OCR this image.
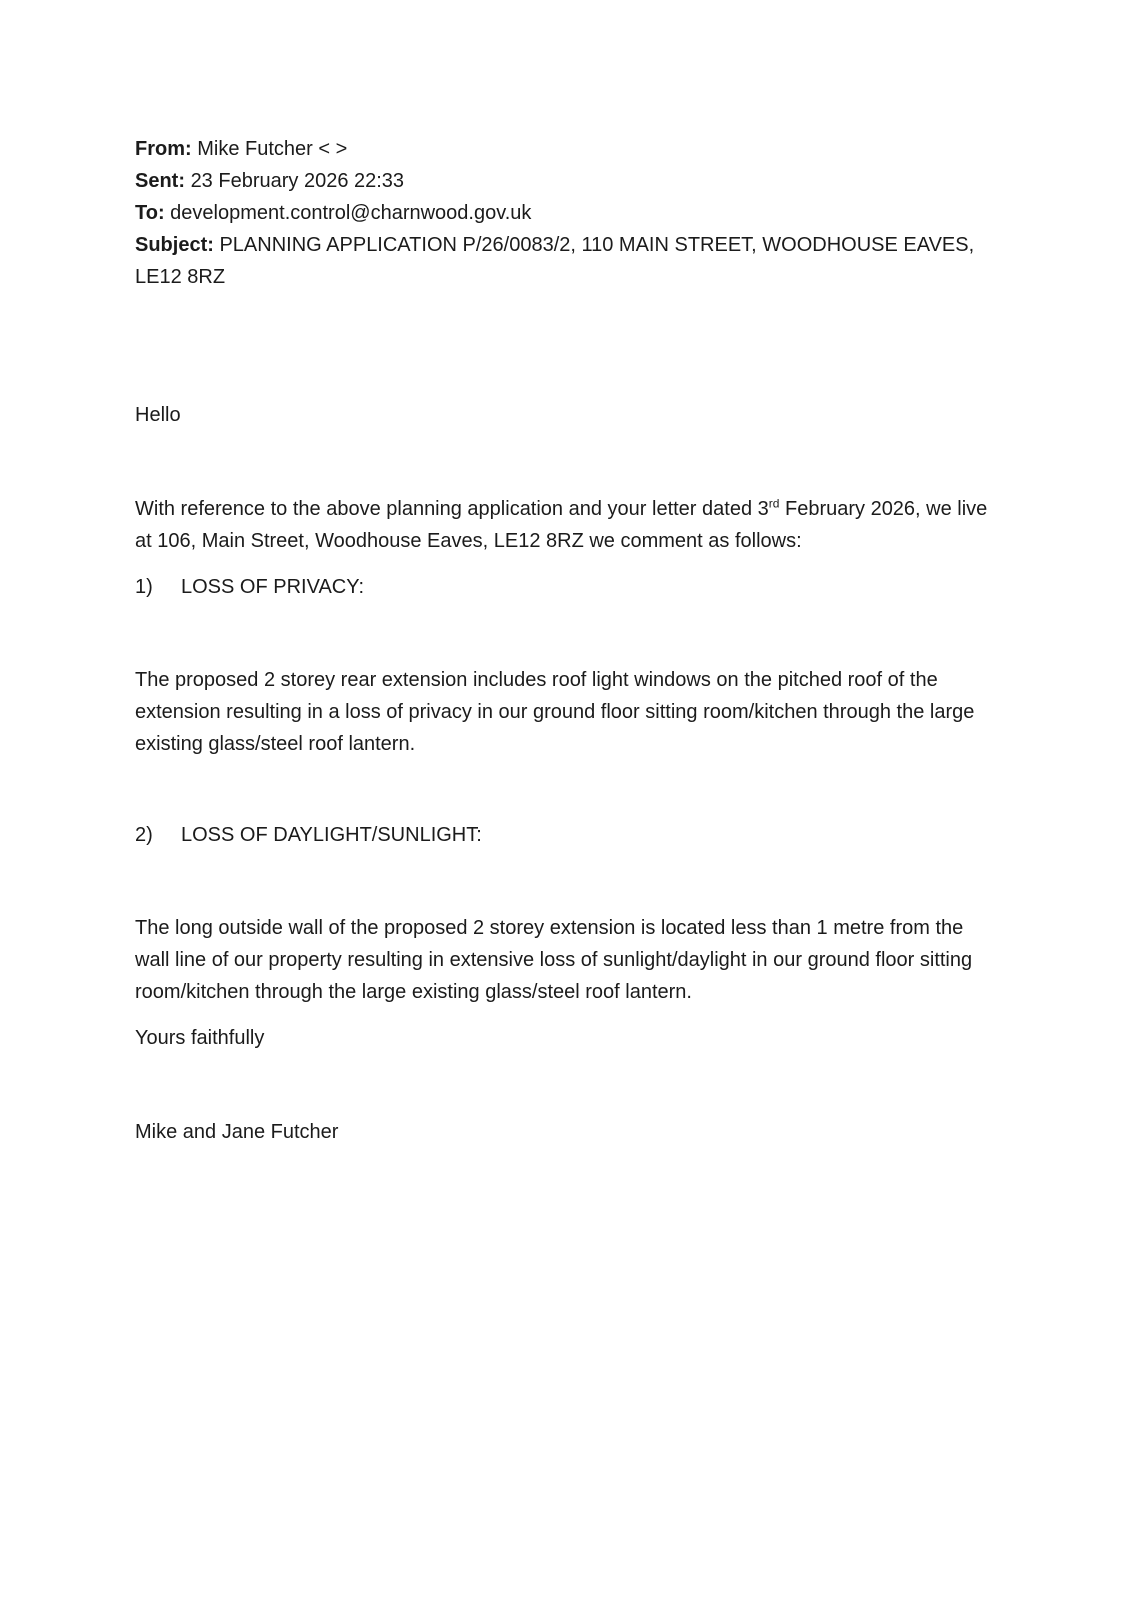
From: Mike Futcher < >
Sent: 23 February 2026 22:33
To: development.control@charnwood.gov.uk
Subject: PLANNING APPLICATION P/26/0083/2, 110 MAIN STREET, WOODHOUSE EAVES, LE12 8RZ

Hello

With reference to the above planning application and your letter dated 3rd February 2026, we live at 106, Main Street, Woodhouse Eaves, LE12 8RZ we comment as follows:

1) LOSS OF PRIVACY:

The proposed 2 storey rear extension includes roof light windows on the pitched roof of the extension resulting in a loss of privacy in our ground floor sitting room/kitchen through the large existing glass/steel roof lantern.

2) LOSS OF DAYLIGHT/SUNLIGHT:

The long outside wall of the proposed 2 storey extension is located less than 1 metre from the wall line of our property resulting in extensive loss of sunlight/daylight in our ground floor sitting room/kitchen through the large existing glass/steel roof lantern.

Yours faithfully

Mike and Jane Futcher
